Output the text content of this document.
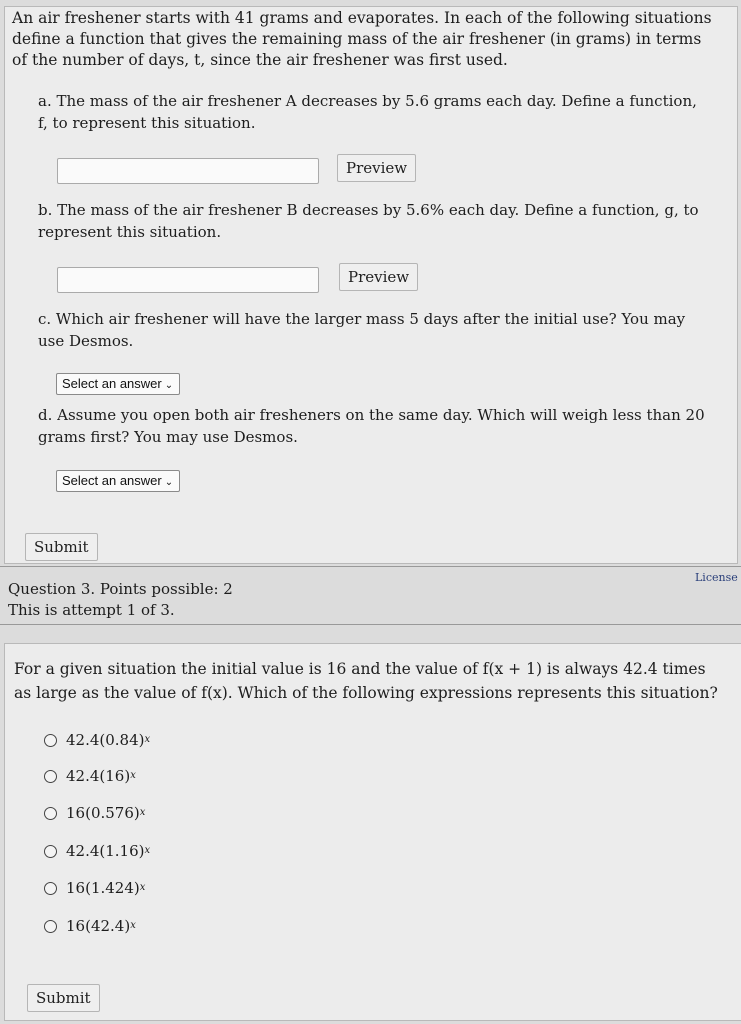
An air freshener starts with 41 grams and evaporates. In each of the following situations define a function that gives the remaining mass of the air freshener (in grams) in terms of the number of days, t, since the air freshener was first used.
a. The mass of the air freshener A decreases by 5.6 grams each day. Define a function, f, to represent this situation.
Preview
b. The mass of the air freshener B decreases by 5.6% each day. Define a function, g, to represent this situation.
Preview
c. Which air freshener will have the larger mass 5 days after the initial use? You may use Desmos.
Select an answer ⌄
d. Assume you open both air fresheners on the same day. Which will weigh less than 20 grams first? You may use Desmos.
Select an answer ⌄
Submit
License
Question 3. Points possible: 2
This is attempt 1 of 3.
For a given situation the initial value is 16 and the value of f(x + 1) is always 42.4 times as large as the value of f(x). Which of the following expressions represents this situation?
42.4(0.84) x
42.4(16) x
16(0.576) x
42.4(1.16) x
16(1.424) x
16(42.4) x
Submit
